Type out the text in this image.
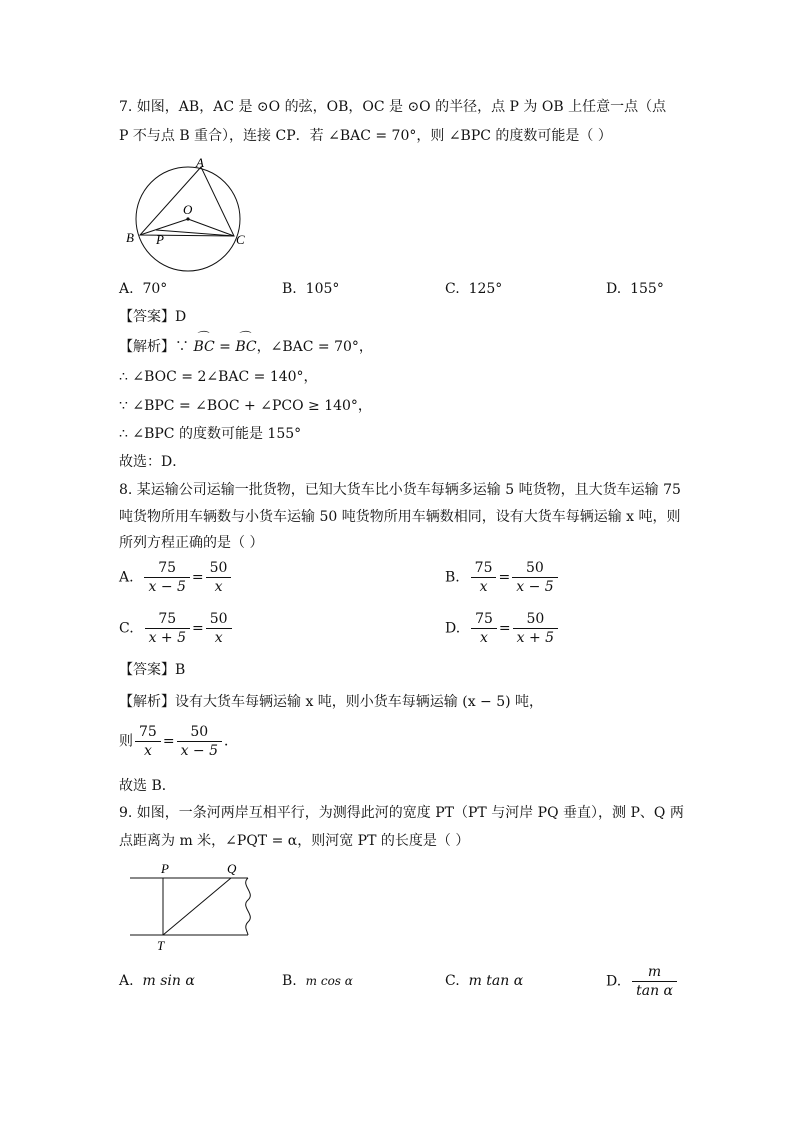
7. 如图，AB，AC 是 ⊙O 的弦，OB，OC 是 ⊙O 的半径，点 P 为 OB 上任意一点（点
P 不与点 B 重合），连接 CP．若 ∠BAC = 70°，则 ∠BPC 的度数可能是（ ）
A
B	C
O
P
A. 70°	B. 105°	C. 125°	D. 155°
【答案】D
【解析】∵ ⌒ BC = ⌒ BC，∠BAC = 70°，
∴ ∠BOC = 2∠BAC = 140°，
∵ ∠BPC = ∠BOC + ∠PCO ≥ 140°，
∴ ∠BPC 的度数可能是 155°
故选：D．
8. 某运输公司运输一批货物，已知大货车比小货车每辆多运输 5 吨货物，且大货车运输 75
吨货物所用车辆数与小货车运输 50 吨货物所用车辆数相同，设有大货车每辆运输 x 吨，则
所列方程正确的是（ ）
A. $\frac{75}{x - 5} = \frac{50}{x}$	B. $\frac{75}{x} = \frac{50}{x - 5}$
C. $\frac{75}{x + 5} = \frac{50}{x}$	D. $\frac{75}{x} = \frac{50}{x + 5}$
【答案】B
【解析】设有大货车每辆运输 x 吨，则小货车每辆运输 (x − 5) 吨，
则 $\frac{75}{x} = \frac{50}{x - 5}$ ．
故选 B．
9. 如图，一条河两岸互相平行，为测得此河的宽度 PT（PT 与河岸 PQ 垂直），测 P、Q 两
点距离为 m 米，∠PQT = α，则河宽 PT 的长度是（ ）
P	Q
T
A. m sin α	B. m cos α	C. m tan α	D. $\frac{m}{\text{tan α}}$
